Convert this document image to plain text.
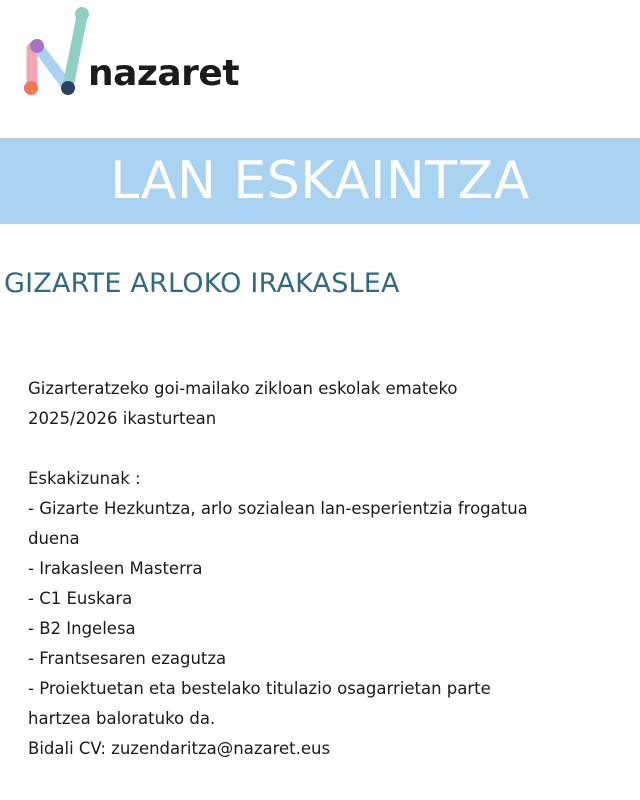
nazaret
LAN ESKAINTZA
GIZARTE ARLOKO IRAKASLEA
Gizarteratzeko goi-mailako zikloan eskolak emateko
2025/2026 ikasturtean
Eskakizunak :
- Gizarte Hezkuntza, arlo sozialean lan-esperientzia frogatua
duena
- Irakasleen Masterra
- C1 Euskara
- B2 Ingelesa
- Frantsesaren ezagutza
- Proiektuetan eta bestelako titulazio osagarrietan parte
hartzea baloratuko da.
Bidali CV: zuzendaritza@nazaret.eus
